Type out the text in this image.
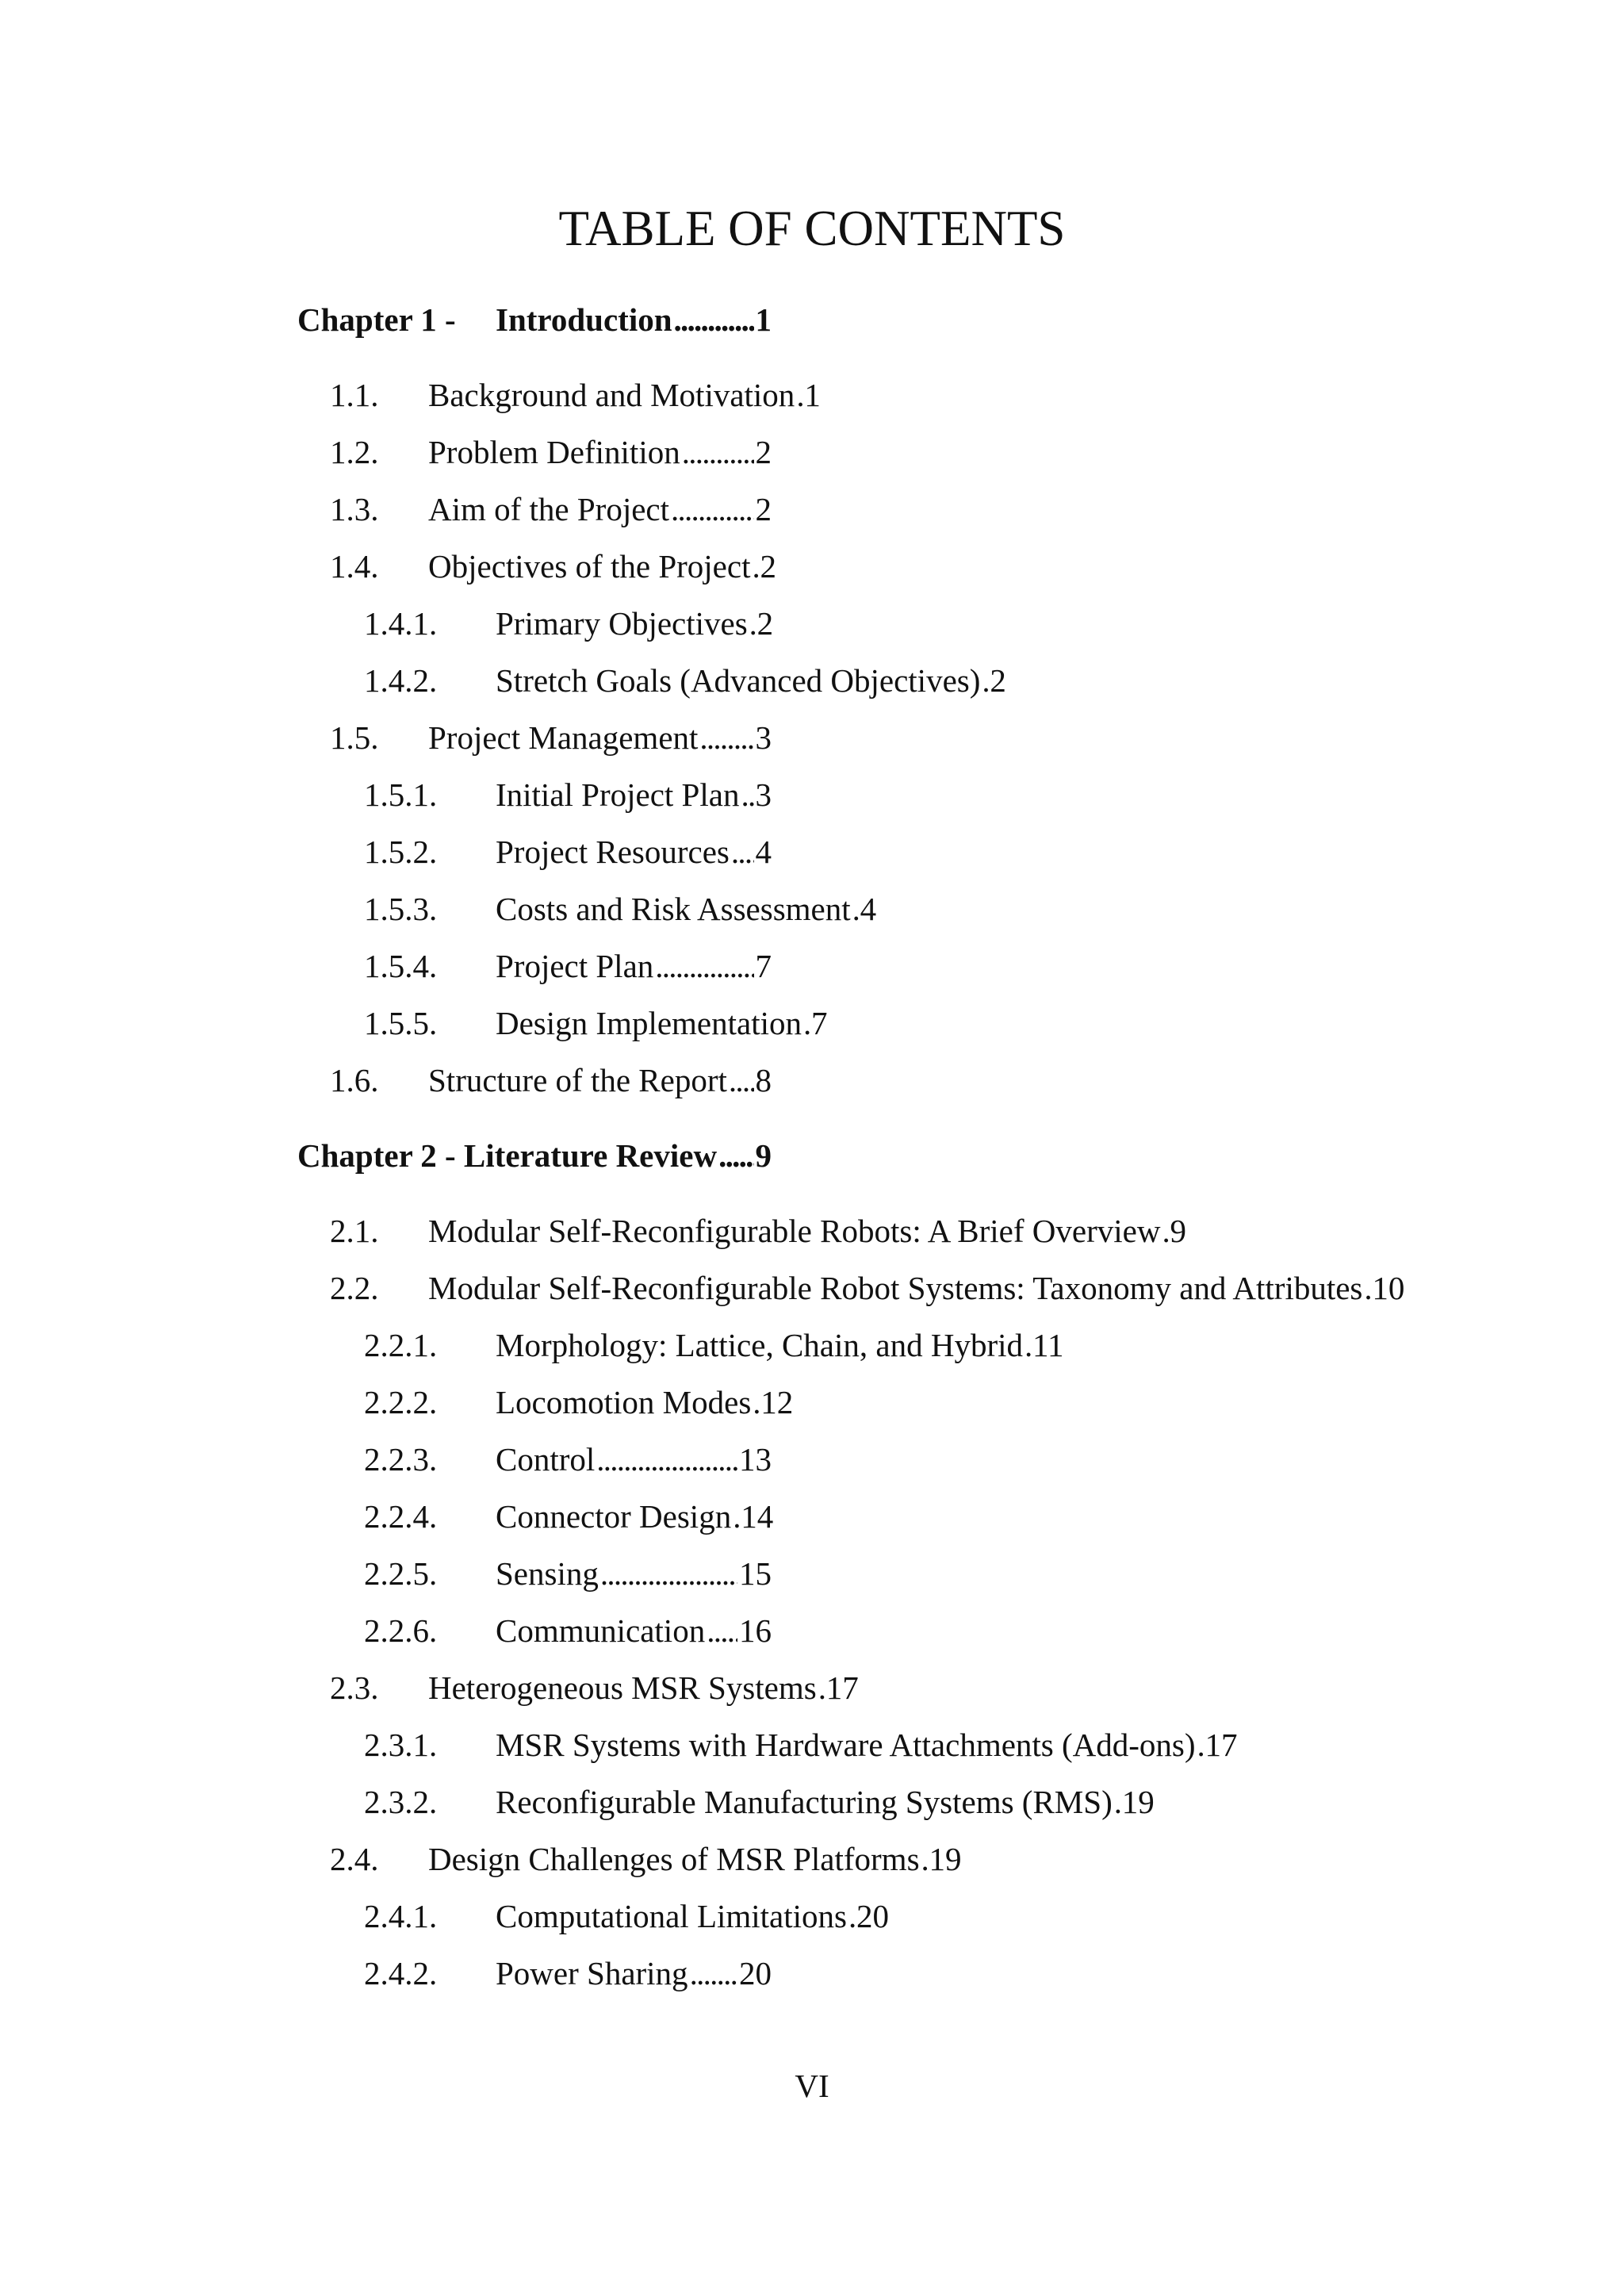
TABLE OF CONTENTS
Chapter 1 -	Introduction . . .	1
1.1.	Background and Motivation . . . 1
1.2.	Problem Definition . . . 2
1.3.	Aim of the Project . . .	2
1.4.	Objectives of the Project . . . 2
1.4.1.	Primary Objectives . . . 2
1.4.2.	Stretch Goals (Advanced Objectives) . . . 2
1.5.	Project Management . . . 3
1.5.1.	Initial Project Plan . . . 3
1.5.2.	Project Resources . . . 4
1.5.3.	Costs and Risk Assessment . . . 4
1.5.4.	Project Plan . . .	7
1.5.5.	Design Implementation . . . 7
1.6.	Structure of the Report . . . 8
Chapter 2 - Literature Review . . . 9
2.1.	Modular Self-Reconfigurable Robots: A Brief Overview . . . 9
2.2.	Modular Self-Reconfigurable Robot Systems: Taxonomy and Attributes . . . 10
2.2.1.	Morphology: Lattice, Chain, and Hybrid . . . 11
2.2.2.	Locomotion Modes . . . 12
2.2.3.	Control . . .	13
2.2.4.	Connector Design . . . 14
2.2.5.	Sensing . . .	15
2.2.6.	Communication . . . 16
2.3.	Heterogeneous MSR Systems . . . 17
2.3.1.	MSR Systems with Hardware Attachments (Add-ons) . . . 17
2.3.2.	Reconfigurable Manufacturing Systems (RMS) . . . 19
2.4.	Design Challenges of MSR Platforms . . . 19
2.4.1.	Computational Limitations . . . 20
2.4.2.	Power Sharing . . . 20
VI
